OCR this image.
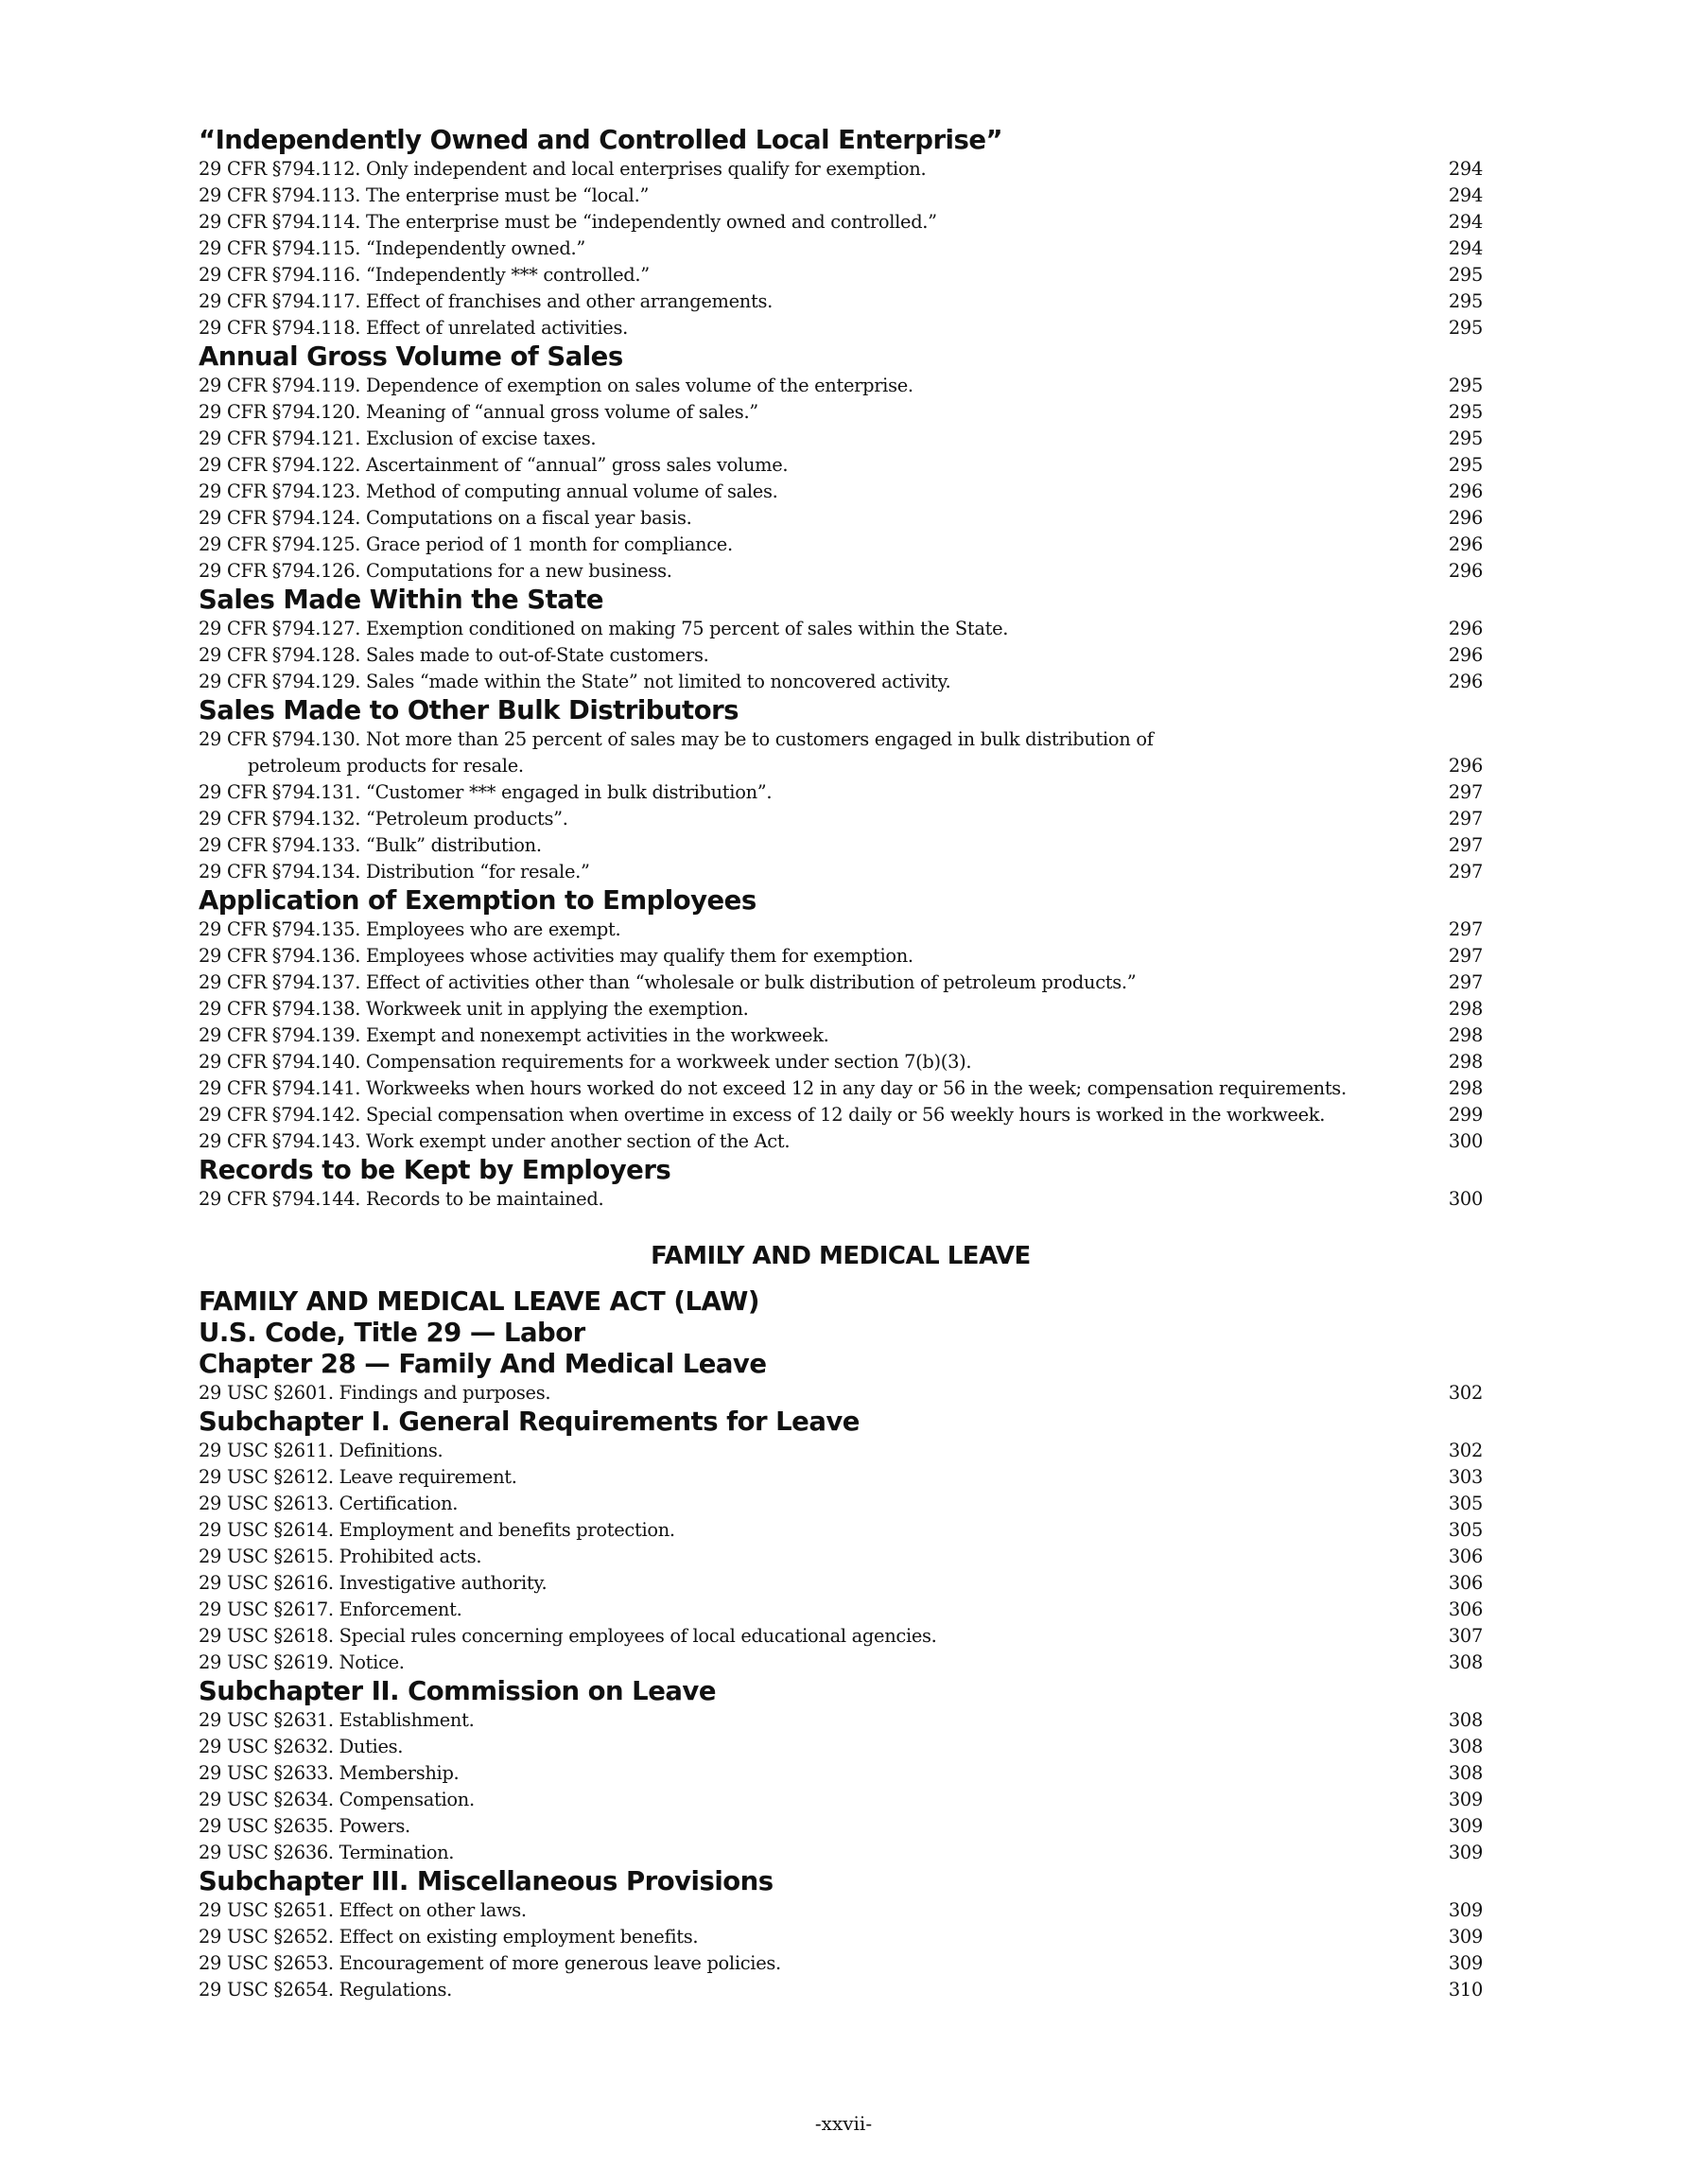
“Independently Owned and Controlled Local Enterprise”
29 CFR §794.112. Only independent and local enterprises qualify for exemption.	294
29 CFR §794.113. The enterprise must be “local.”	294
29 CFR §794.114. The enterprise must be “independently owned and controlled.”	294
29 CFR §794.115. “Independently owned.”	294
29 CFR §794.116. “Independently *** controlled.”	295
29 CFR §794.117. Effect of franchises and other arrangements.	295
29 CFR §794.118. Effect of unrelated activities.	295
Annual Gross Volume of Sales
29 CFR §794.119. Dependence of exemption on sales volume of the enterprise.	295
29 CFR §794.120. Meaning of “annual gross volume of sales.”	295
29 CFR §794.121. Exclusion of excise taxes.	295
29 CFR §794.122. Ascertainment of “annual” gross sales volume.	295
29 CFR §794.123. Method of computing annual volume of sales.	296
29 CFR §794.124. Computations on a fiscal year basis.	296
29 CFR §794.125. Grace period of 1 month for compliance.	296
29 CFR §794.126. Computations for a new business.	296
Sales Made Within the State
29 CFR §794.127. Exemption conditioned on making 75 percent of sales within the State.	296
29 CFR §794.128. Sales made to out-of-State customers.	296
29 CFR §794.129. Sales “made within the State” not limited to noncovered activity.	296
Sales Made to Other Bulk Distributors
29 CFR §794.130. Not more than 25 percent of sales may be to customers engaged in bulk distribution of
petroleum products for resale.	296
29 CFR §794.131. “Customer *** engaged in bulk distribution”.	297
29 CFR §794.132. “Petroleum products”.	297
29 CFR §794.133. “Bulk” distribution.	297
29 CFR §794.134. Distribution “for resale.”	297
Application of Exemption to Employees
29 CFR §794.135. Employees who are exempt.	297
29 CFR §794.136. Employees whose activities may qualify them for exemption.	297
29 CFR §794.137. Effect of activities other than “wholesale or bulk distribution of petroleum products.”	297
29 CFR §794.138. Workweek unit in applying the exemption.	298
29 CFR §794.139. Exempt and nonexempt activities in the workweek.	298
29 CFR §794.140. Compensation requirements for a workweek under section 7(b)(3).	298
29 CFR §794.141. Workweeks when hours worked do not exceed 12 in any day or 56 in the week; compensation requirements.	298
29 CFR §794.142. Special compensation when overtime in excess of 12 daily or 56 weekly hours is worked in the workweek.	299
29 CFR §794.143. Work exempt under another section of the Act.	300
Records to be Kept by Employers
29 CFR §794.144. Records to be maintained.	300
FAMILY AND MEDICAL LEAVE
FAMILY AND MEDICAL LEAVE ACT (LAW)
U.S. Code, Title 29 — Labor
Chapter 28 — Family And Medical Leave
29 USC §2601. Findings and purposes.	302
Subchapter I. General Requirements for Leave
29 USC §2611. Definitions.	302
29 USC §2612. Leave requirement.	303
29 USC §2613. Certification.	305
29 USC §2614. Employment and benefits protection.	305
29 USC §2615. Prohibited acts.	306
29 USC §2616. Investigative authority.	306
29 USC §2617. Enforcement.	306
29 USC §2618. Special rules concerning employees of local educational agencies.	307
29 USC §2619. Notice.	308
Subchapter II. Commission on Leave
29 USC §2631. Establishment.	308
29 USC §2632. Duties.	308
29 USC §2633. Membership.	308
29 USC §2634. Compensation.	309
29 USC §2635. Powers.	309
29 USC §2636. Termination.	309
Subchapter III. Miscellaneous Provisions
29 USC §2651. Effect on other laws.	309
29 USC §2652. Effect on existing employment benefits.	309
29 USC §2653. Encouragement of more generous leave policies.	309
29 USC §2654. Regulations.	310
-xxvii-
